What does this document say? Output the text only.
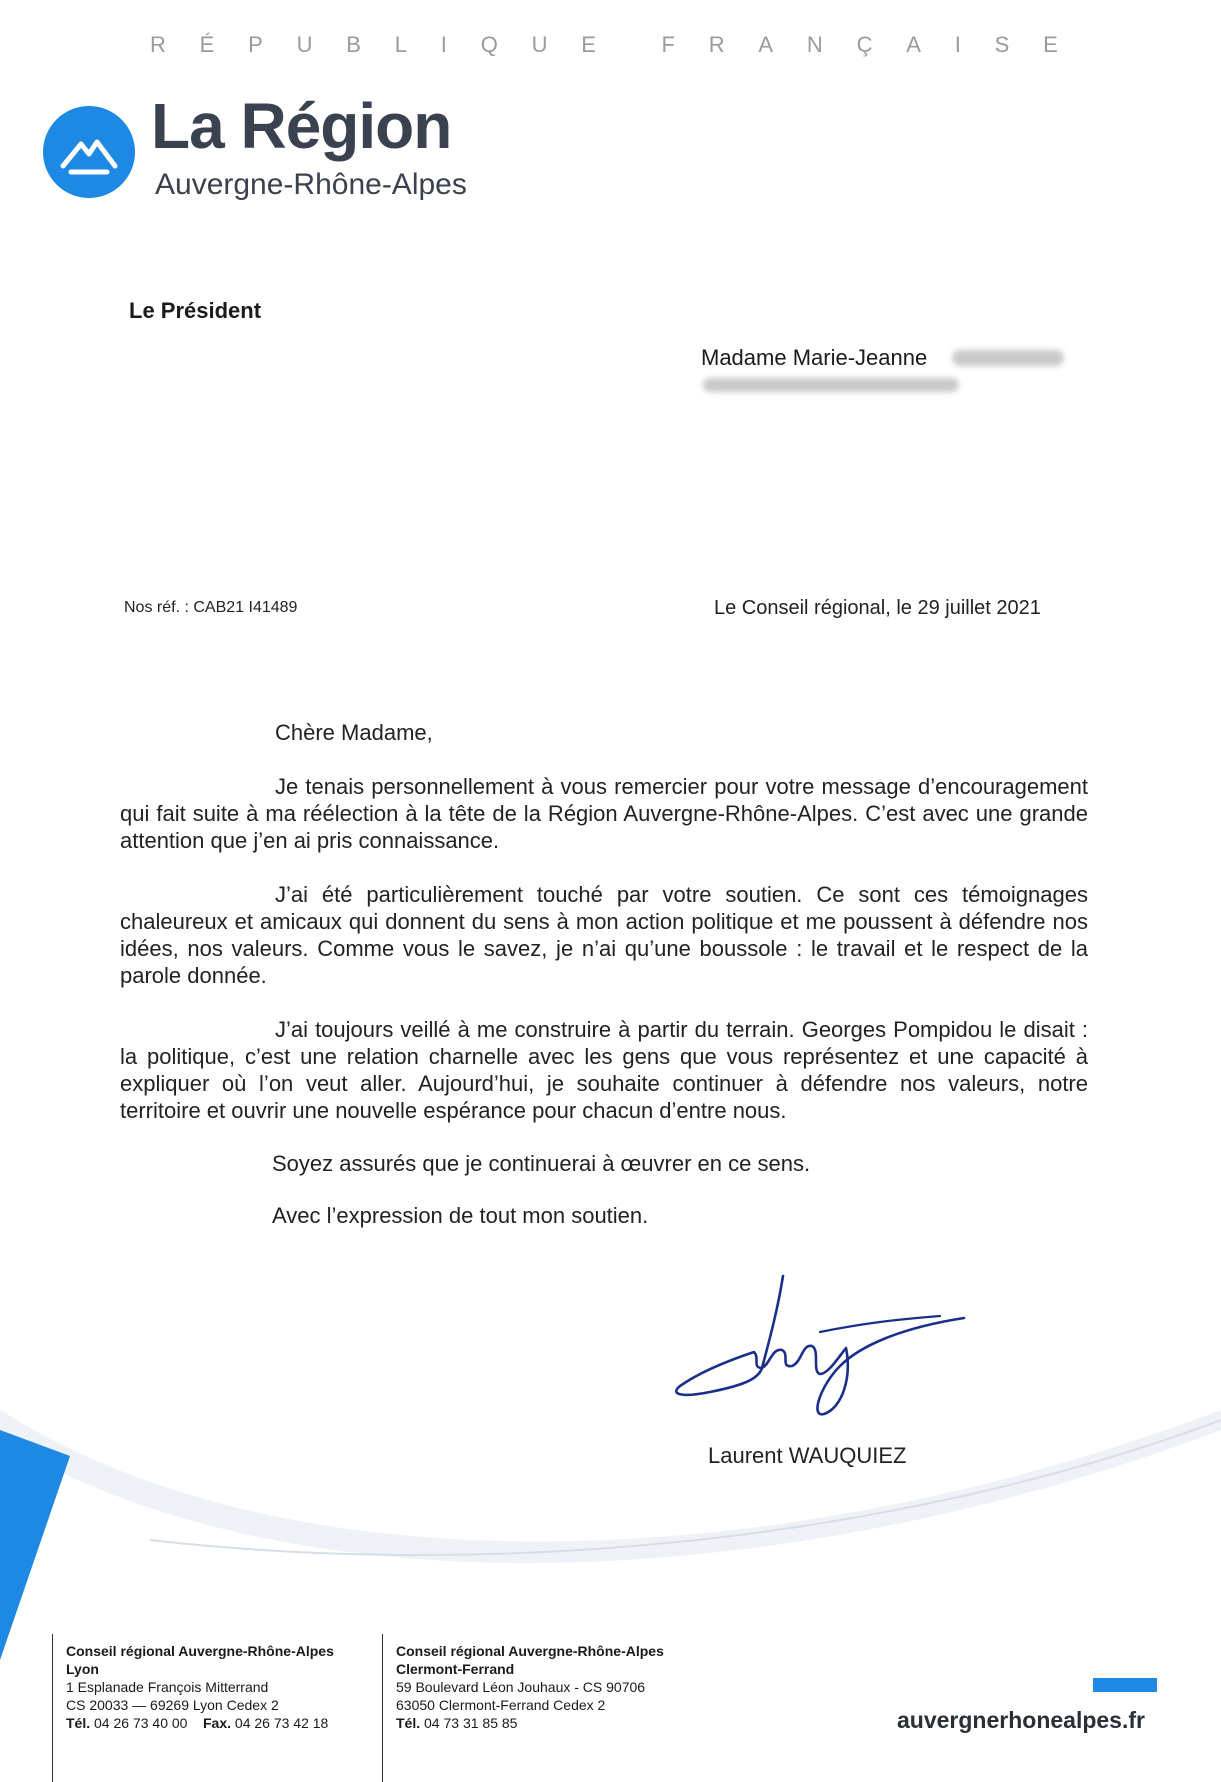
R É P U B L I Q U E	F R A N Ç A I S E
La Région
Auvergne-Rhône-Alpes
Le Président
Madame Marie-Jeanne
Nos réf. : CAB21 I41489	Le Conseil régional, le 29 juillet 2021
Chère Madame,

Je tenais personnellement à vous remercier pour votre message d’encouragement qui fait suite à ma réélection à la tête de la Région Auvergne-Rhône-Alpes. C’est avec une grande attention que j’en ai pris connaissance.

J’ai été particulièrement touché par votre soutien. Ce sont ces témoignages chaleureux et amicaux qui donnent du sens à mon action politique et me poussent à défendre nos idées, nos valeurs. Comme vous le savez, je n’ai qu’une boussole : le travail et le respect de la parole donnée.

J’ai toujours veillé à me construire à partir du terrain. Georges Pompidou le disait : la politique, c’est une relation charnelle avec les gens que vous représentez et une capacité à expliquer où l’on veut aller. Aujourd’hui, je souhaite continuer à défendre nos valeurs, notre territoire et ouvrir une nouvelle espérance pour chacun d’entre nous.

Soyez assurés que je continuerai à œuvrer en ce sens.
Avec l’expression de tout mon soutien.
Laurent WAUQUIEZ
Conseil régional Auvergne-Rhône-Alpes
Lyon
1 Esplanade François Mitterrand
CS 20033 — 69269 Lyon Cedex 2
Tél. 04 26 73 40 00 Fax. 04 26 73 42 18
Conseil régional Auvergne-Rhône-Alpes
Clermont-Ferrand
59 Boulevard Léon Jouhaux - CS 90706
63050 Clermont-Ferrand Cedex 2
Tél. 04 73 31 85 85	auvergnerhonealpes.fr
